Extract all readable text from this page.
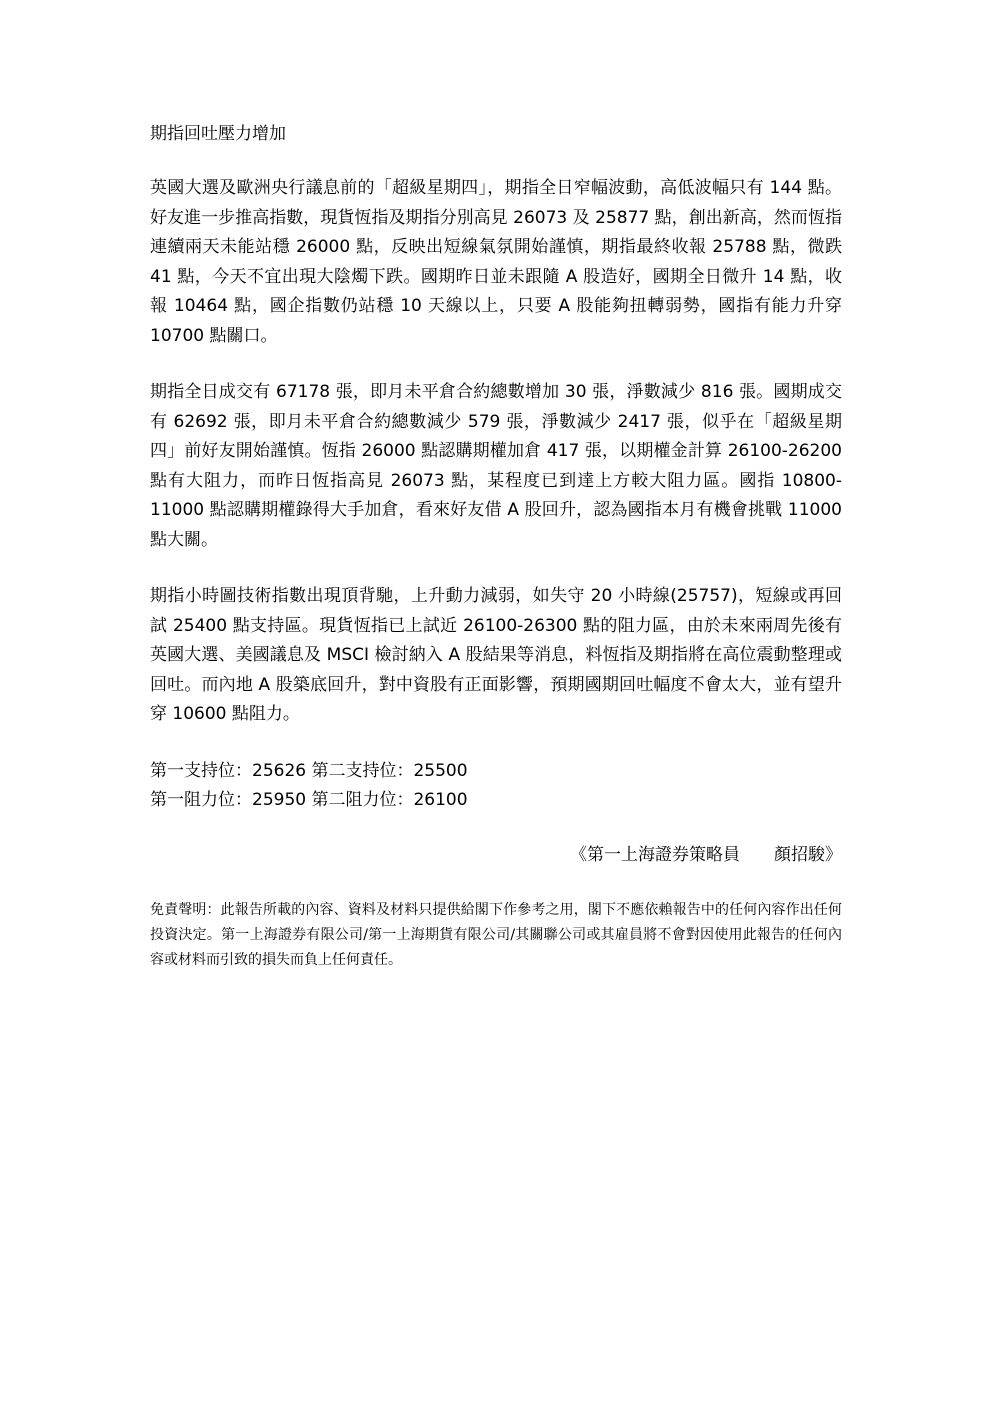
期指回吐壓力增加

英國大選及歐洲央行議息前的「超級星期四」，期指全日窄幅波動，高低波幅只有 144 點。好友進一步推高指數，現貨恆指及期指分別高見 26073 及 25877 點，創出新高，然而恆指連續兩天未能站穩 26000 點，反映出短線氣氛開始謹慎，期指最終收報 25788 點，微跌 41 點，今天不宜出現大陰燭下跌。國期昨日並未跟隨 A 股造好，國期全日微升 14 點，收報 10464 點，國企指數仍站穩 10 天線以上，只要 A 股能夠扭轉弱勢，國指有能力升穿 10700 點關口。

期指全日成交有 67178 張，即月未平倉合約總數增加 30 張，淨數減少 816 張。國期成交有 62692 張，即月未平倉合約總數減少 579 張，淨數減少 2417 張，似乎在「超級星期四」前好友開始謹慎。恆指 26000 點認購期權加倉 417 張，以期權金計算 26100-26200 點有大阻力，而昨日恆指高見 26073 點，某程度已到達上方較大阻力區。國指 10800-11000 點認購期權錄得大手加倉，看來好友借 A 股回升，認為國指本月有機會挑戰 11000 點大關。

期指小時圖技術指數出現頂背馳，上升動力減弱，如失守 20 小時線(25757)，短線或再回試 25400 點支持區。現貨恆指已上試近 26100-26300 點的阻力區，由於未來兩周先後有英國大選、美國議息及 MSCI 檢討納入 A 股結果等消息，料恆指及期指將在高位震動整理或回吐。而內地 A 股築底回升，對中資股有正面影響，預期國期回吐幅度不會太大，並有望升穿 10600 點阻力。

第一支持位：25626 第二支持位：25500
第一阻力位：25950 第二阻力位：26100
《第一上海證券策略員　　顏招駿》

免責聲明：此報告所載的內容、資料及材料只提供給閣下作參考之用，閣下不應依賴報告中的任何內容作出任何投資決定。第一上海證券有限公司/第一上海期貨有限公司/其關聯公司或其雇員將不會對因使用此報告的任何內容或材料而引致的損失而負上任何責任。
